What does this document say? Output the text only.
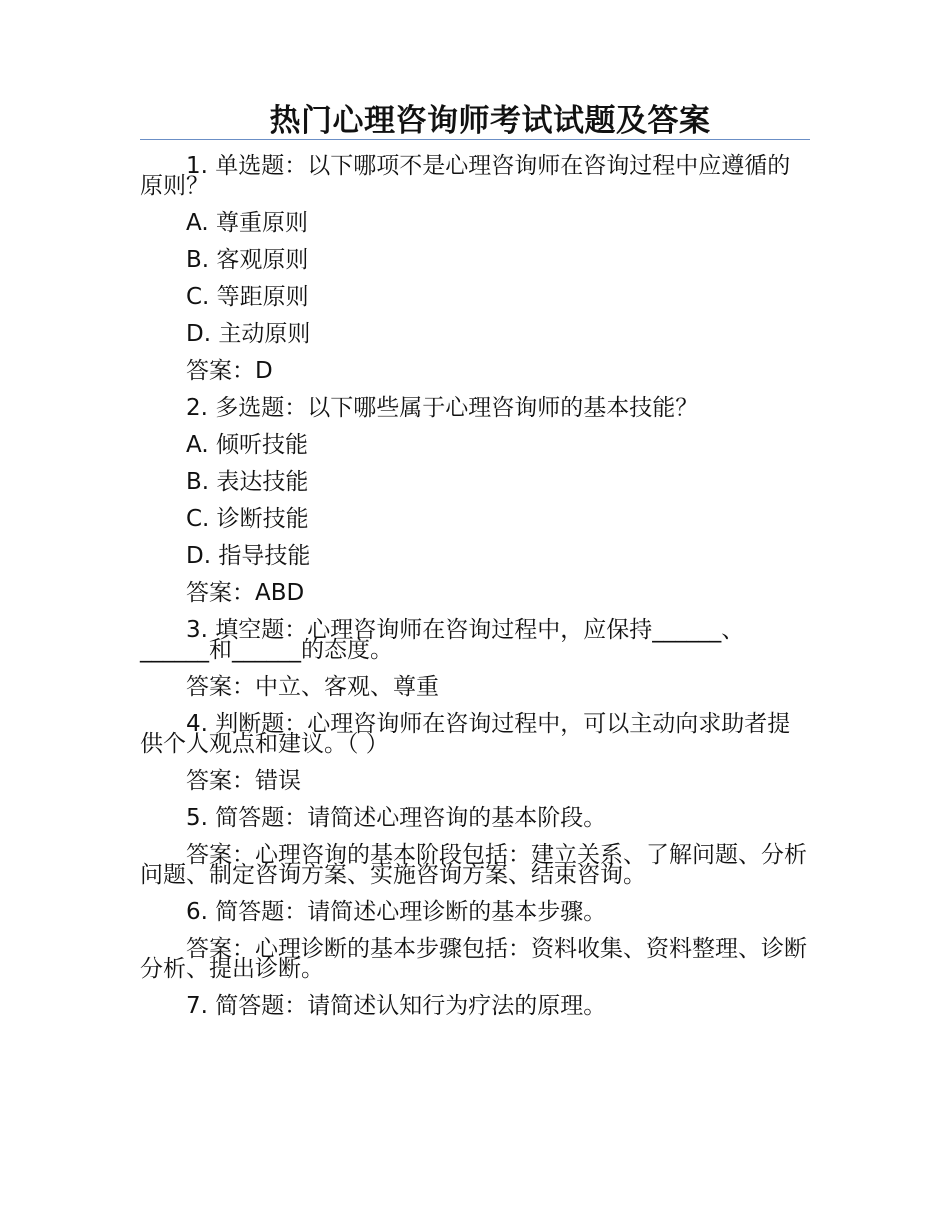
热门心理咨询师考试试题及答案

1. 单选题：以下哪项不是心理咨询师在咨询过程中应遵循的原则？

A. 尊重原则

B. 客观原则

C. 等距原则

D. 主动原则

答案：D

2. 多选题：以下哪些属于心理咨询师的基本技能？

A. 倾听技能

B. 表达技能

C. 诊断技能

D. 指导技能

答案：ABD

3. 填空题：心理咨询师在咨询过程中，应保持______、______和______的态度。

答案：中立、客观、尊重

4. 判断题：心理咨询师在咨询过程中，可以主动向求助者提供个人观点和建议。（ ）

答案：错误

5. 简答题：请简述心理咨询的基本阶段。

答案：心理咨询的基本阶段包括：建立关系、了解问题、分析问题、制定咨询方案、实施咨询方案、结束咨询。

6. 简答题：请简述心理诊断的基本步骤。

答案：心理诊断的基本步骤包括：资料收集、资料整理、诊断分析、提出诊断。

7. 简答题：请简述认知行为疗法的原理。
